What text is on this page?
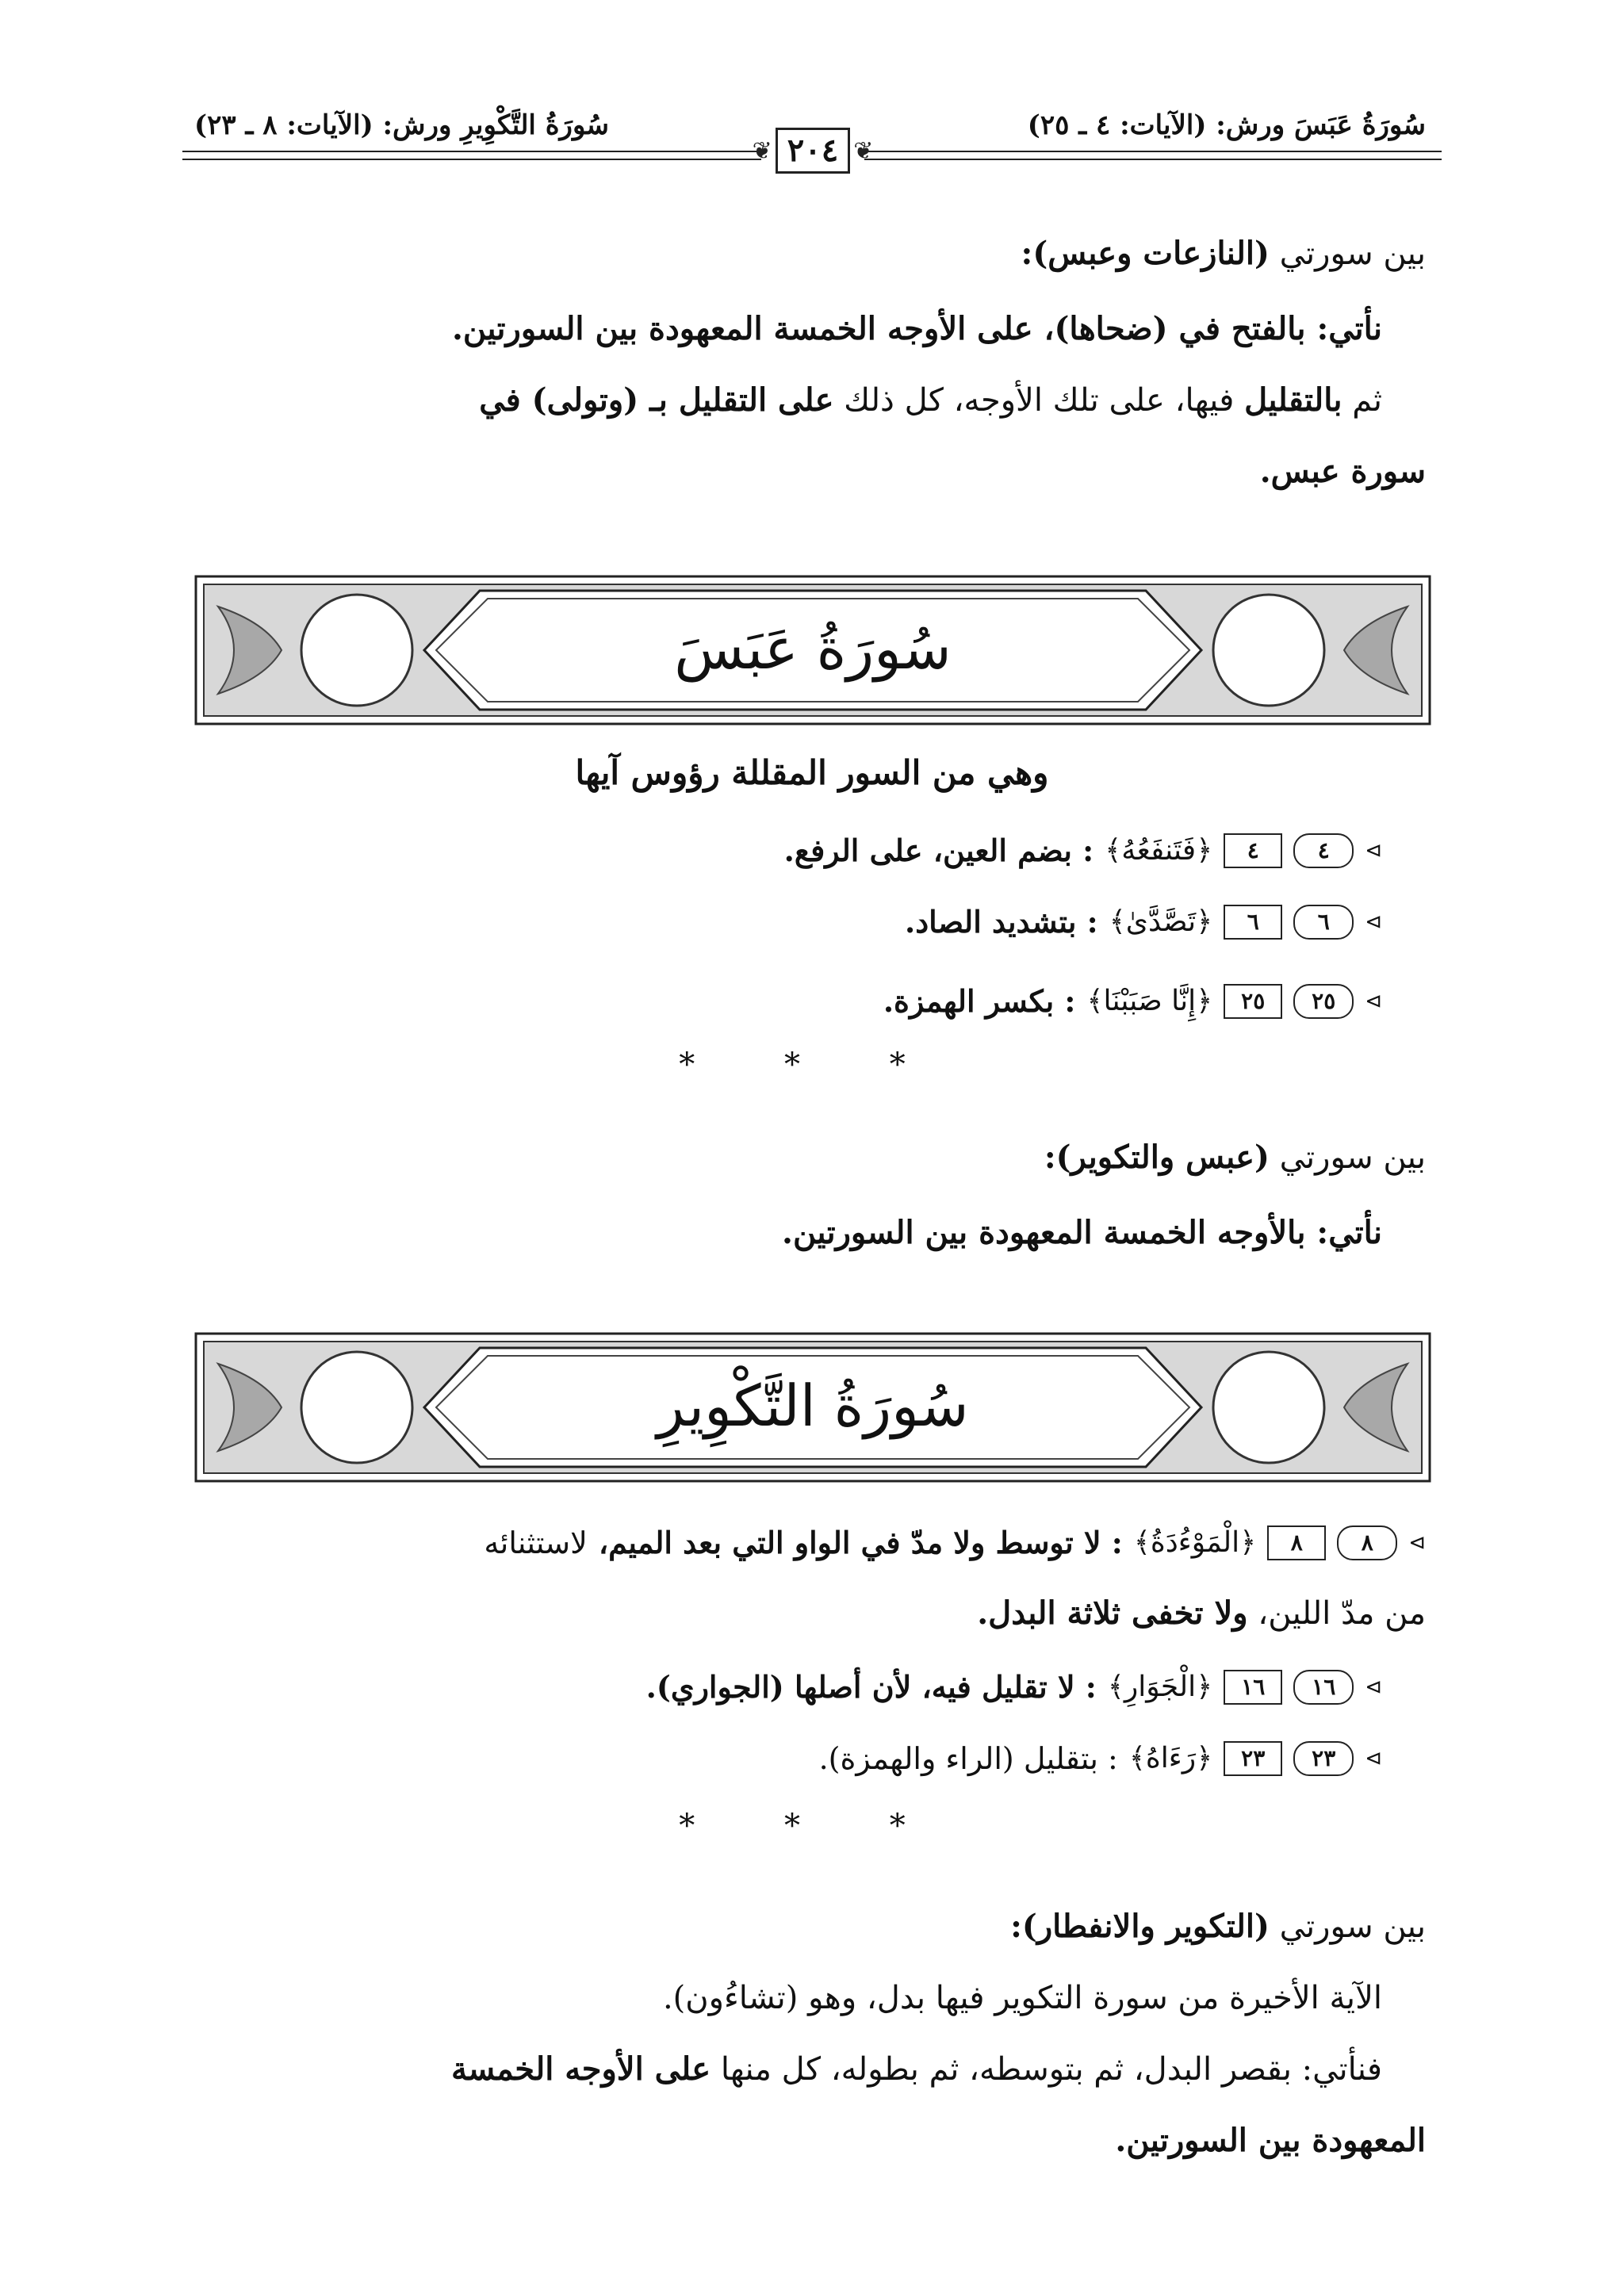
سُورَةُ عَبَسَ ورش: (الآيات: ٤ ـ ٢٥)
سُورَةُ التَّكْوِيرِ ورش: (الآيات: ٨ ـ ٢٣)
❦
٢٠٤
❦
بين سورتي (النازعات وعبس):
نأتي: بالفتح في (ضحاها)، على الأوجه الخمسة المعهودة بين السورتين.
ثم بالتقليل فيها، على تلك الأوجه، كل ذلك على التقليل بـ (وتولى) في
سورة عبس.
سُورَةُ عَبَسَ
وهي من السور المقللة رؤوس آيها
⊳
٤
٤
﴿فَتَنفَعُهُ﴾
: بضم العين، على الرفع.
⊳
٦
٦
﴿تَصَّدَّىٰ﴾
: بتشديد الصاد.
⊳
٢٥
٢٥
﴿إِنَّا صَبَبْنَا﴾
: بكسر الهمزة.
* * *
بين سورتي (عبس والتكوير):
نأتي: بالأوجه الخمسة المعهودة بين السورتين.
سُورَةُ التَّكْوِيرِ
⊳
٨
٨
﴿الْمَوْءُدَةُ﴾
: لا توسط ولا مدّ في الواو التي بعد الميم،
لاستثنائه
من مدّ اللين، ولا تخفى ثلاثة البدل.
⊳
١٦
١٦
﴿الْجَوَارِ﴾
: لا تقليل فيه، لأن أصلها (الجواري).
⊳
٢٣
٢٣
﴿رَءَاهُ﴾
: بتقليل (الراء والهمزة).
* * *
بين سورتي (التكوير والانفطار):
الآية الأخيرة من سورة التكوير فيها بدل، وهو (تشاءُون).
فنأتي: بقصر البدل، ثم بتوسطه، ثم بطوله، كل منها على الأوجه الخمسة
المعهودة بين السورتين.
